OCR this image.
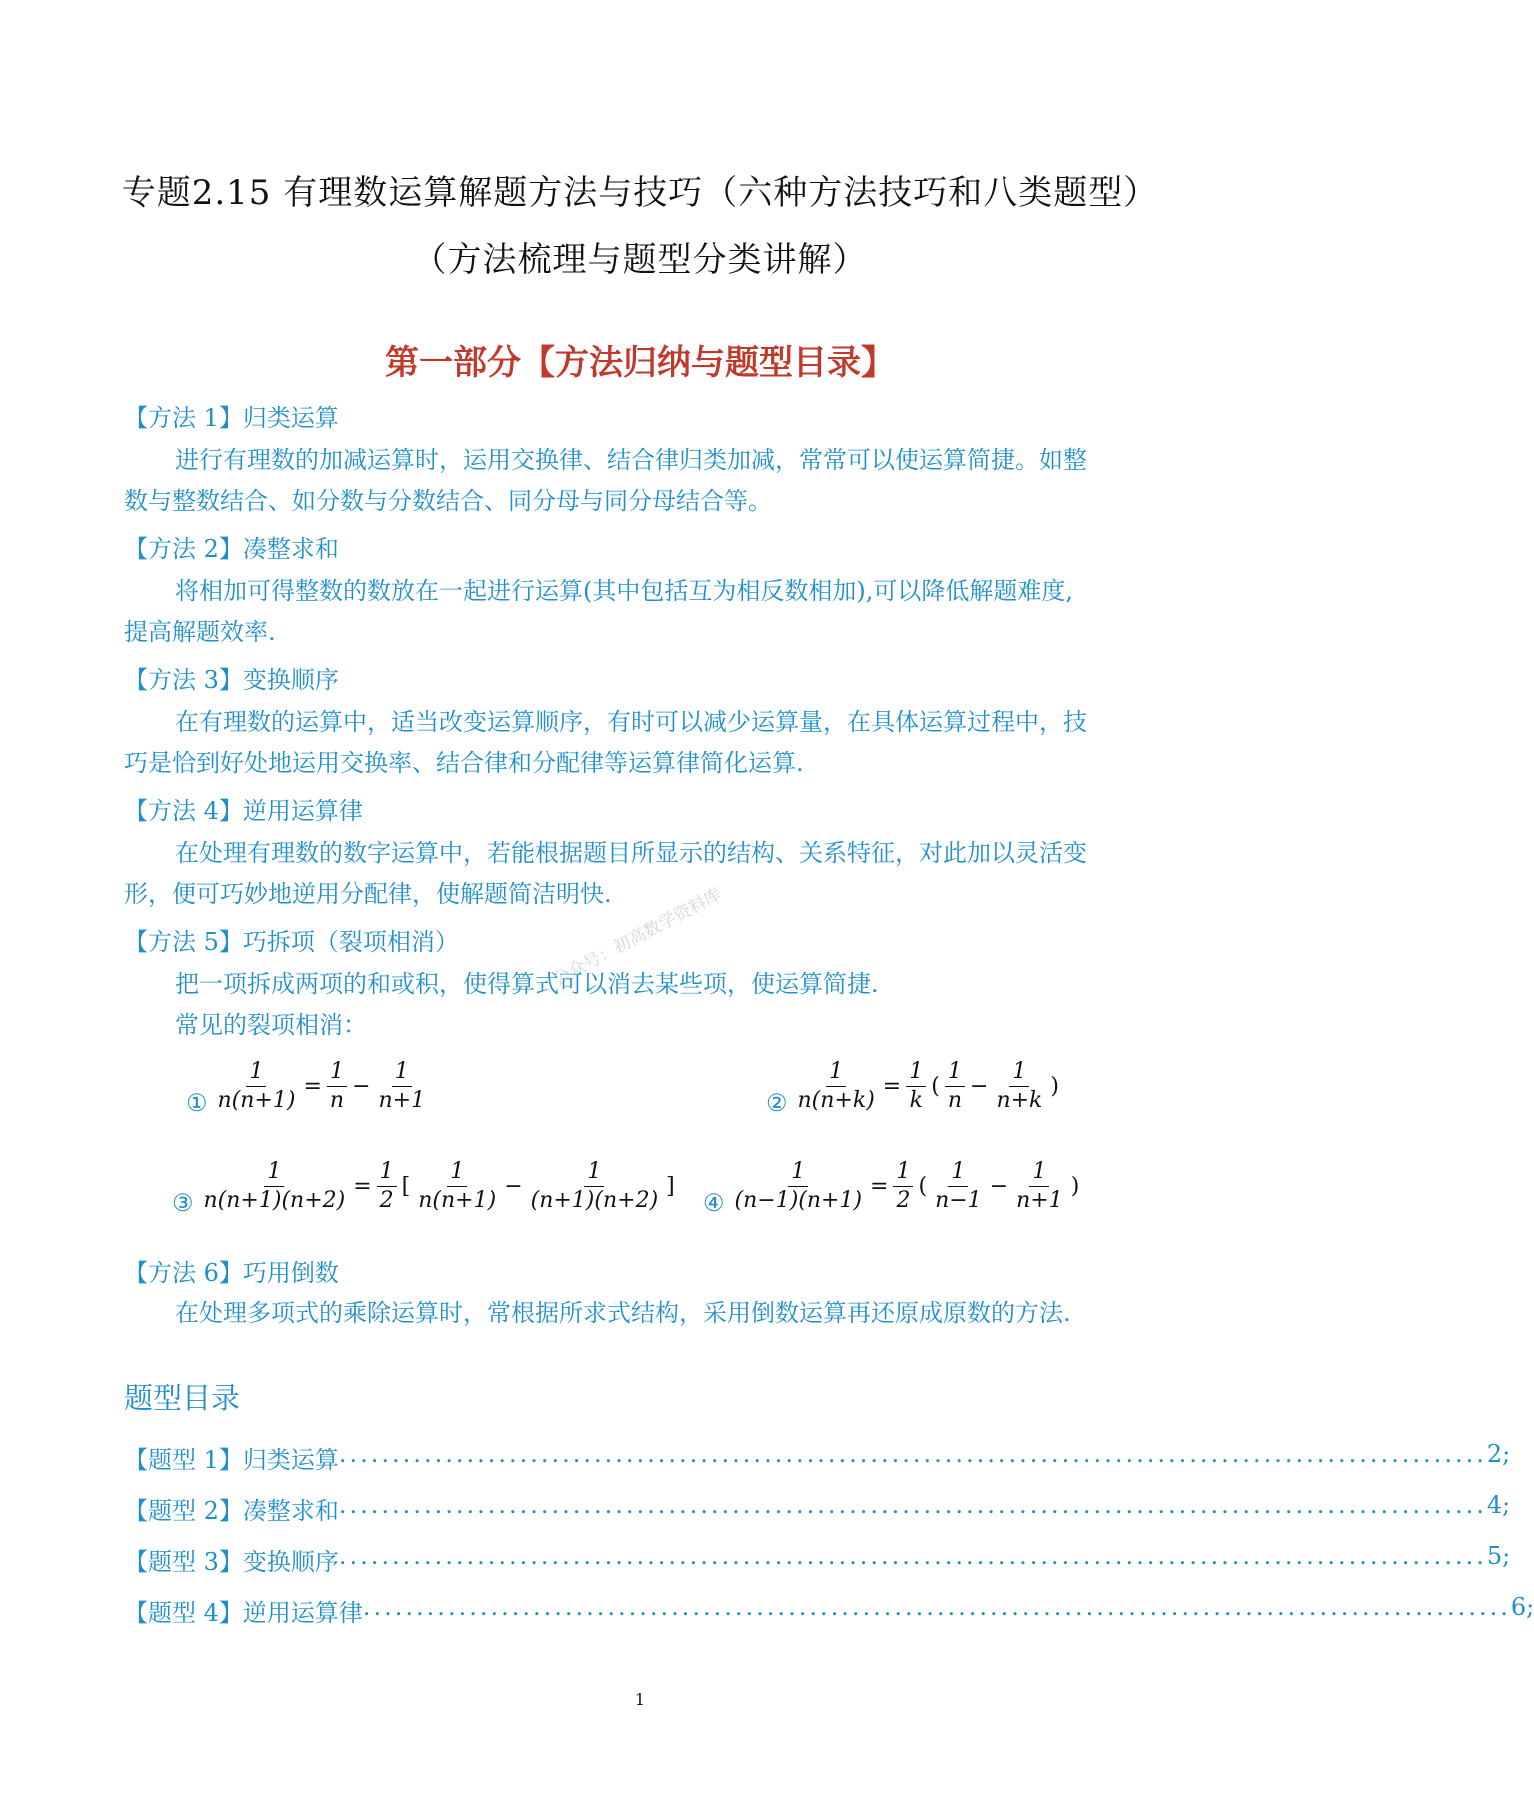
专题2.15 有理数运算解题方法与技巧（六种方法技巧和八类题型）
（方法梳理与题型分类讲解）
第一部分【方法归纳与题型目录】
【方法 1】归类运算
进行有理数的加减运算时，运用交换律、结合律归类加减，常常可以使运算简捷。如整
数与整数结合、如分数与分数结合、同分母与同分母结合等。
【方法 2】凑整求和
将相加可得整数的数放在一起进行运算(其中包括互为相反数相加),可以降低解题难度,
提高解题效率.
【方法 3】变换顺序
在有理数的运算中，适当改变运算顺序，有时可以减少运算量，在具体运算过程中，技
巧是恰到好处地运用交换率、结合律和分配律等运算律简化运算.
【方法 4】逆用运算律
在处理有理数的数字运算中，若能根据题目所显示的结构、关系特征，对此加以灵活变
形，便可巧妙地逆用分配律，使解题简洁明快.
公众号：初高数学资料库
【方法 5】巧拆项（裂项相消）
把一项拆成两项的和或积，使得算式可以消去某些项，使运算简捷.
常见的裂项相消：
① $\frac{1}{n(n+1)} = \frac{1}{n} - \frac{1}{n+1}$	② $\frac{1}{n(n+k)} = \frac{1}{k}$ ( $\frac{1}{n} - \frac{1}{n+k}$ )
③ $\frac{1}{n(n+1)(n+2)} = \frac{1}{2}$ [ $\frac{1}{n(n+1)} - \frac{1}{(n+1)(n+2)}$ ]
④ $\frac{1}{(n-1)(n+1)} = \frac{1}{2}$ ( $\frac{1}{n-1} - \frac{1}{n+1}$ )
【方法 6】巧用倒数
在处理多项式的乘除运算时，常根据所求式结构，采用倒数运算再还原成原数的方法.
题型目录
【题型 1】归类运算 ............................................................................................................ 2;
【题型 2】凑整求和 ............................................................................................................ 4;
【题型 3】变换顺序 ............................................................................................................ 5;
【题型 4】逆用运算律 ............................................................................................................ 6;
1
